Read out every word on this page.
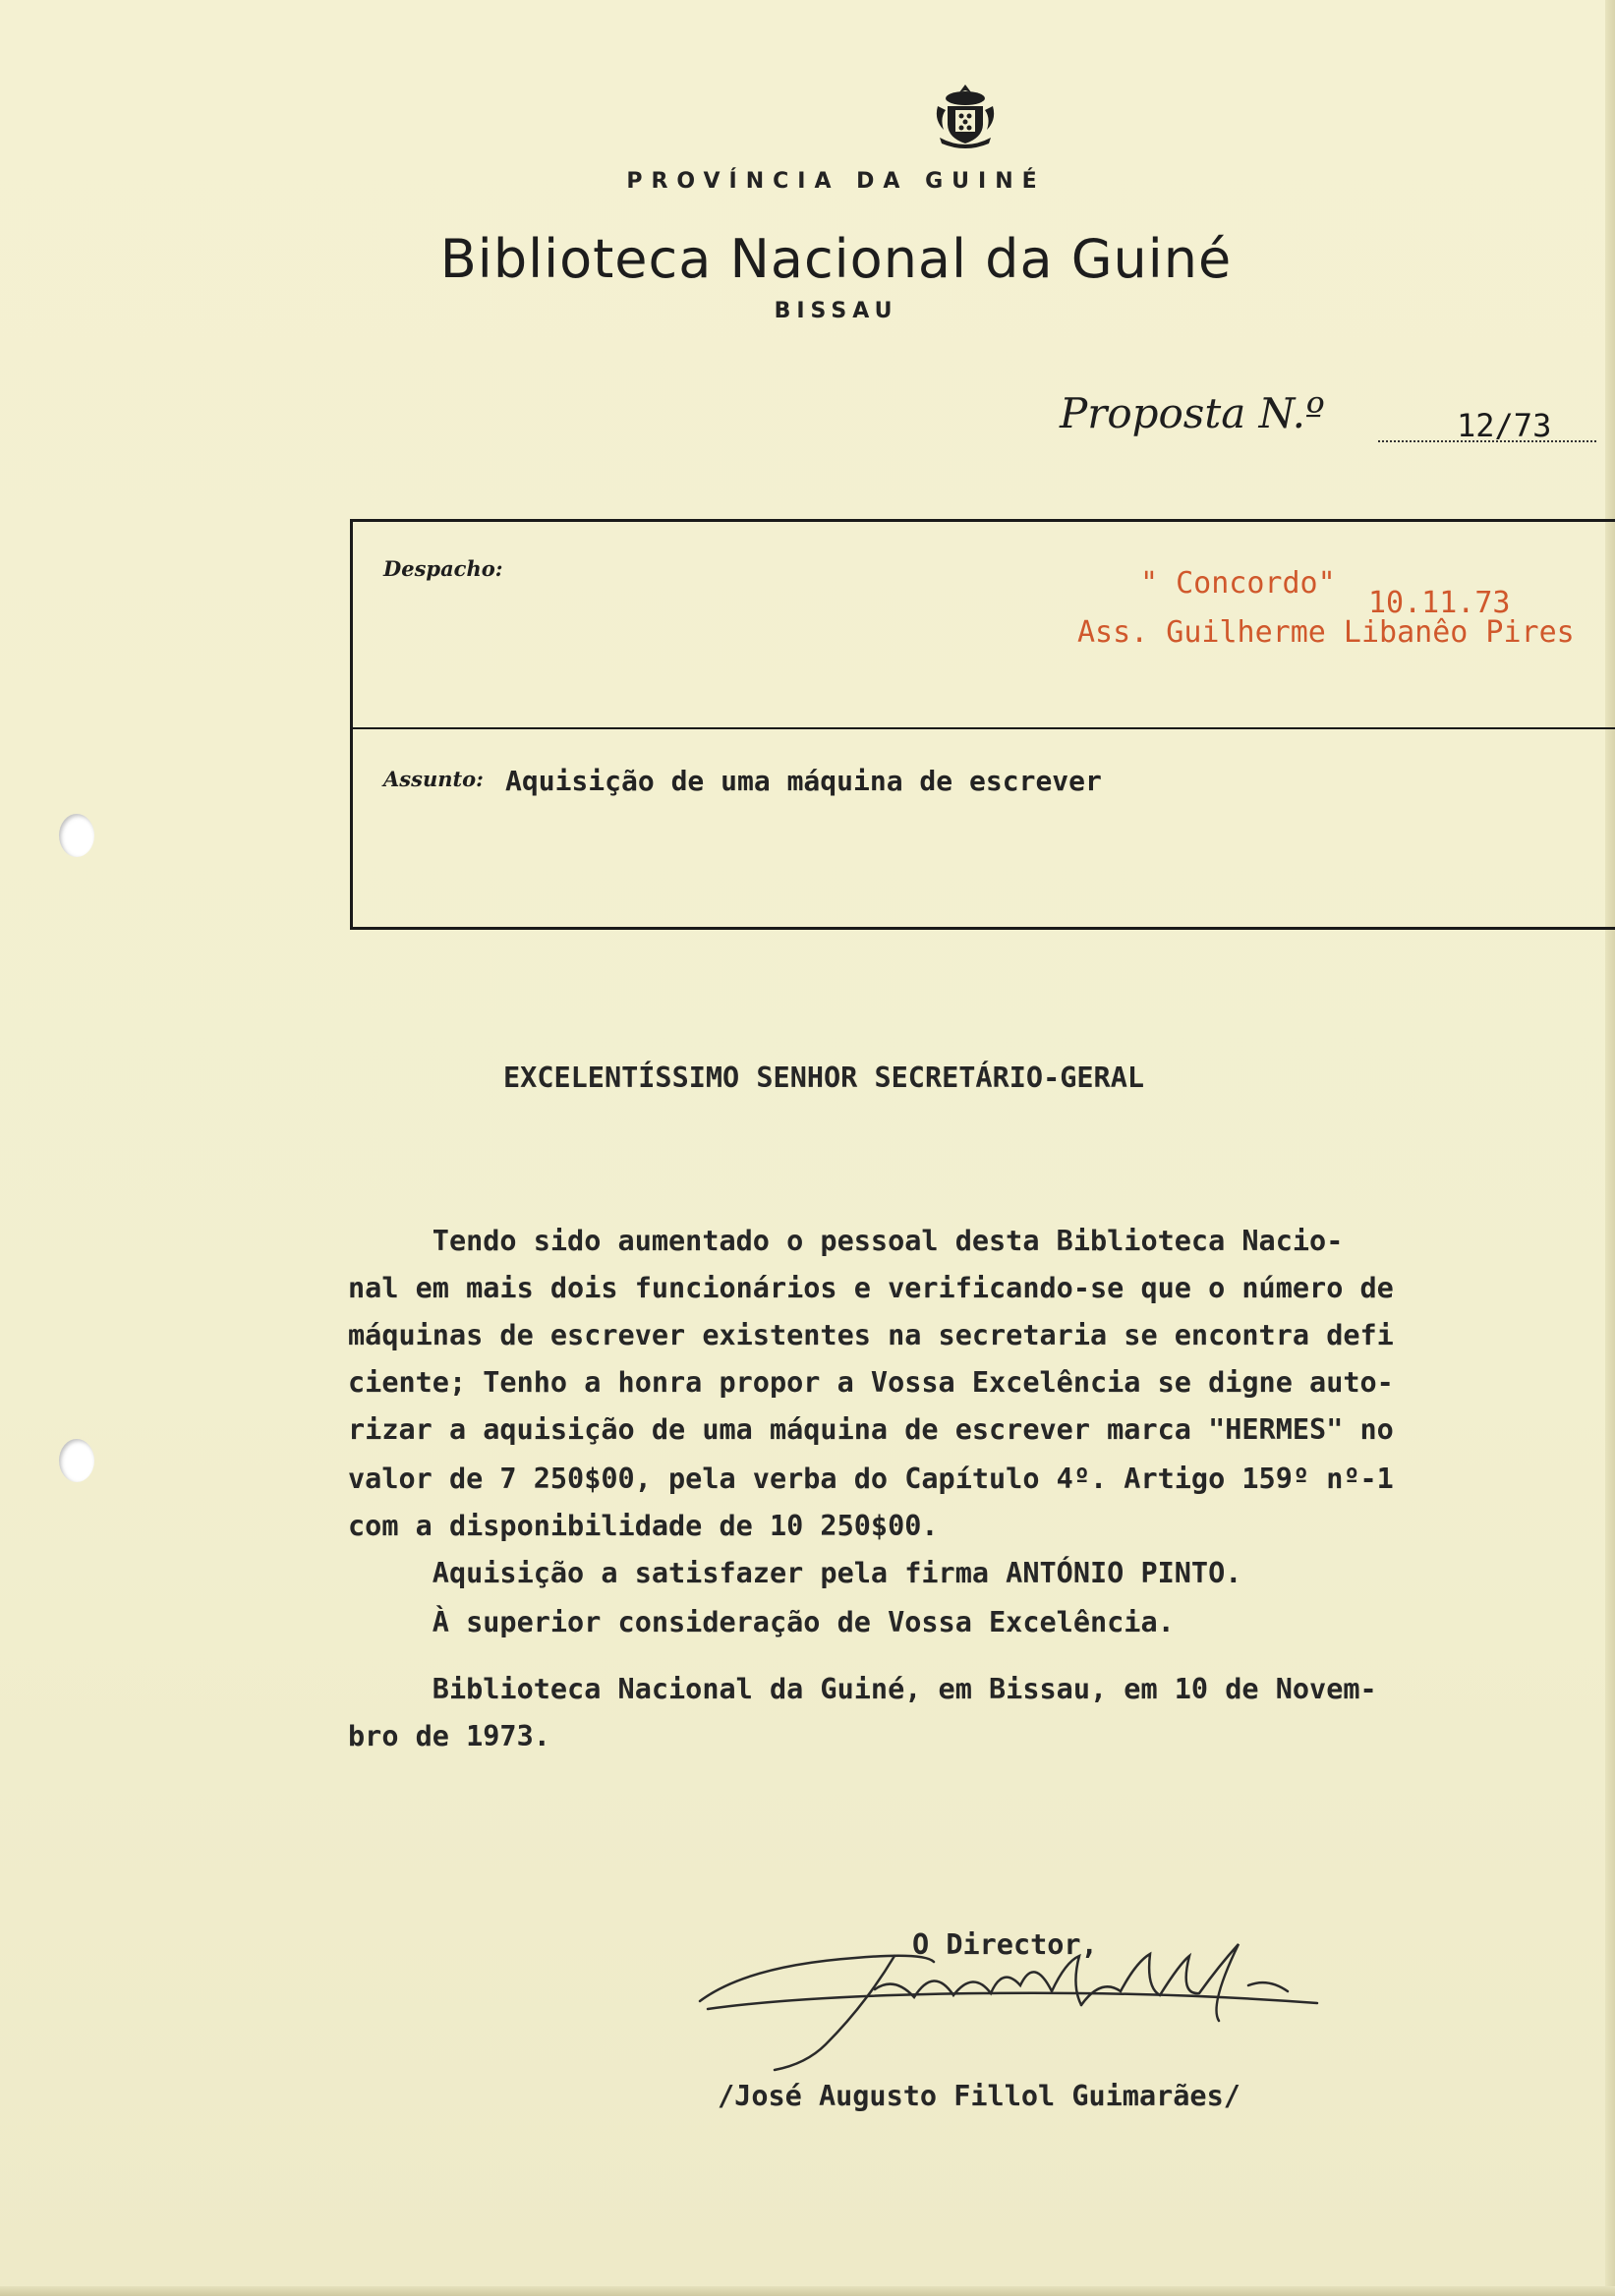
PROVÍNCIA DA GUINÉ
Biblioteca Nacional da Guiné
BISSAU
Proposta N.º	12/73
Despacho:	" Concordo"
10.11.73
Ass. Guilherme Libanêo Pires
Assunto: Aquisição de uma máquina de escrever
EXCELENTÍSSIMO SENHOR SECRETÁRIO-GERAL
Tendo sido aumentado o pessoal desta Biblioteca Nacio-
nal em mais dois funcionários e verificando-se que o número de
máquinas de escrever existentes na secretaria se encontra defi
ciente; Tenho a honra propor a Vossa Excelência se digne auto-
rizar a aquisição de uma máquina de escrever marca "HERMES" no
valor de 7 250$00, pela verba do Capítulo 4º. Artigo 159º nº-1
com a disponibilidade de 10 250$00.
Aquisição a satisfazer pela firma ANTÓNIO PINTO.
À superior consideração de Vossa Excelência.
Biblioteca Nacional da Guiné, em Bissau, em 10 de Novem-
bro de 1973.
O Director,
/José Augusto Fillol Guimarães/
